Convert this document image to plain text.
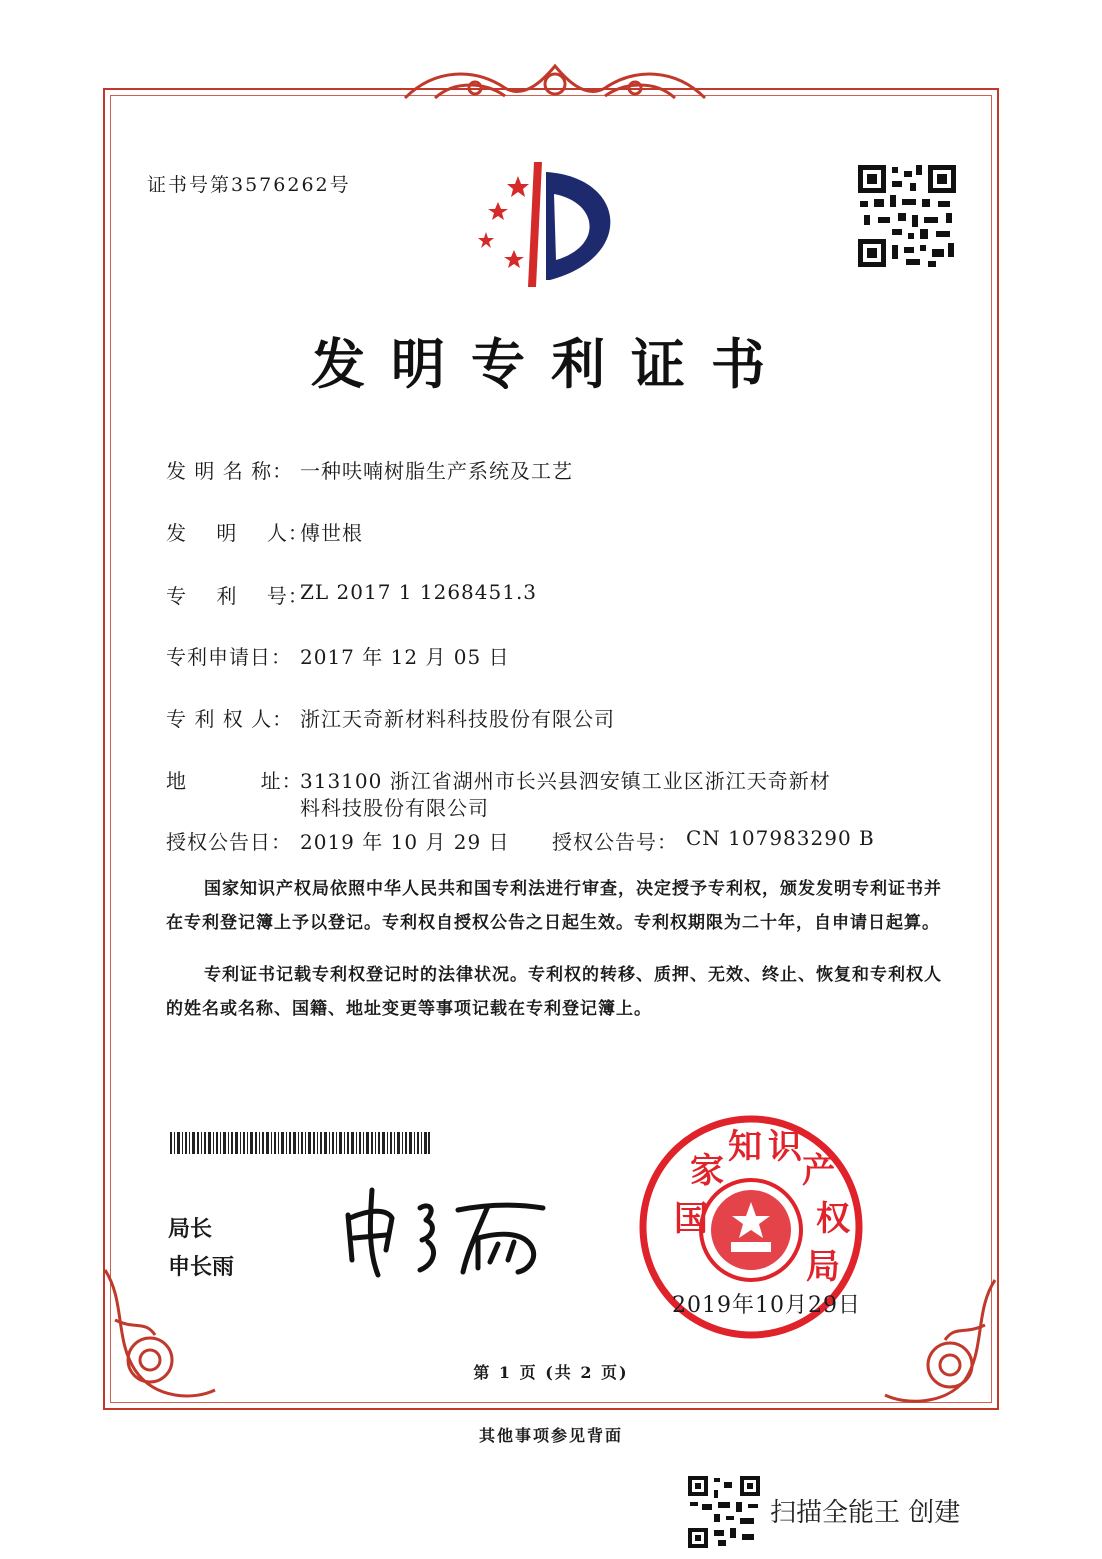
证书号第3576262号
发明专利证书
发 明 名 称： 一种呋喃树脂生产系统及工艺
发    明    人：
傅世根
专    利    号：
ZL 2017 1 1268451.3
专利申请日： 2017 年 12 月 05 日
专 利 权 人： 浙江天奇新材料科技股份有限公司
地          址：
313100 浙江省湖州市长兴县泗安镇工业区浙江天奇新材
料科技股份有限公司
授权公告日： 2019 年 10 月 29 日 授权公告号： CN 107983290 B
国家知识产权局依照中华人民共和国专利法进行审查，决定授予专利权，颁发发明专利证书并在专利登记簿上予以登记。专利权自授权公告之日起生效。专利权期限为二十年，自申请日起算。
专利证书记载专利权登记时的法律状况。专利权的转移、质押、无效、终止、恢复和专利权人的姓名或名称、国籍、地址变更等事项记载在专利登记簿上。
局长
申长雨
国
家
知 识
产
权
局
2019年10月29日
第 1 页 (共 2 页)
其他事项参见背面
扫描全能王 创建
